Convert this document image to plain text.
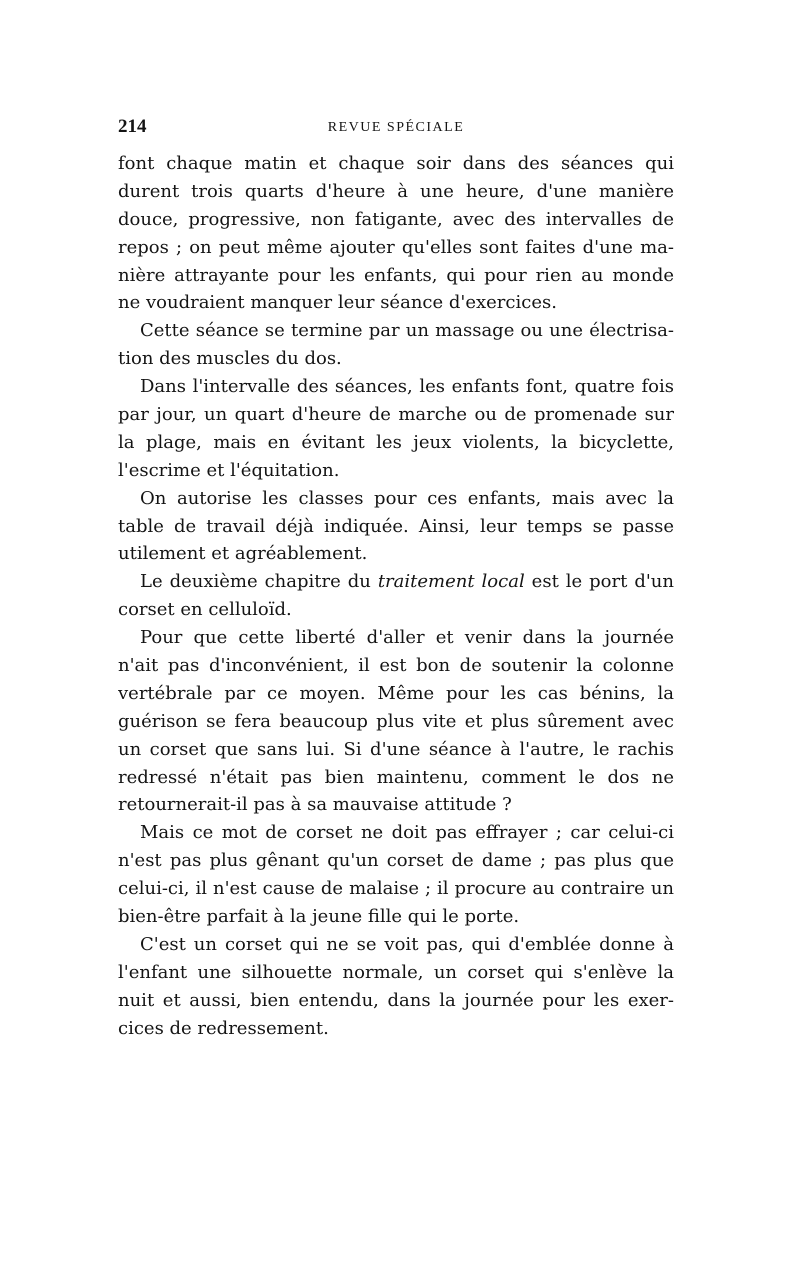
214	REVUE SPÉCIALE
font chaque matin et chaque soir dans des séances qui
durent trois quarts d'heure à une heure, d'une manière
douce, progressive, non fatigante, avec des intervalles de
repos ; on peut même ajouter qu'elles sont faites d'une ma-
nière attrayante pour les enfants, qui pour rien au monde
ne voudraient manquer leur séance d'exercices.
Cette séance se termine par un massage ou une électrisa-
tion des muscles du dos.
Dans l'intervalle des séances, les enfants font, quatre fois
par jour, un quart d'heure de marche ou de promenade sur
la plage, mais en évitant les jeux violents, la bicyclette,
l'escrime et l'équitation.
On autorise les classes pour ces enfants, mais avec la
table de travail déjà indiquée. Ainsi, leur temps se passe
utilement et agréablement.
Le deuxième chapitre du traitement local est le port d'un
corset en celluloïd.
Pour que cette liberté d'aller et venir dans la journée
n'ait pas d'inconvénient, il est bon de soutenir la colonne
vertébrale par ce moyen. Même pour les cas bénins, la
guérison se fera beaucoup plus vite et plus sûrement avec
un corset que sans lui. Si d'une séance à l'autre, le rachis
redressé n'était pas bien maintenu, comment le dos ne
retournerait-il pas à sa mauvaise attitude ?
Mais ce mot de corset ne doit pas effrayer ; car celui-ci
n'est pas plus gênant qu'un corset de dame ; pas plus que
celui-ci, il n'est cause de malaise ; il procure au contraire un
bien-être parfait à la jeune fille qui le porte.
C'est un corset qui ne se voit pas, qui d'emblée donne à
l'enfant une silhouette normale, un corset qui s'enlève la
nuit et aussi, bien entendu, dans la journée pour les exer-
cices de redressement.
